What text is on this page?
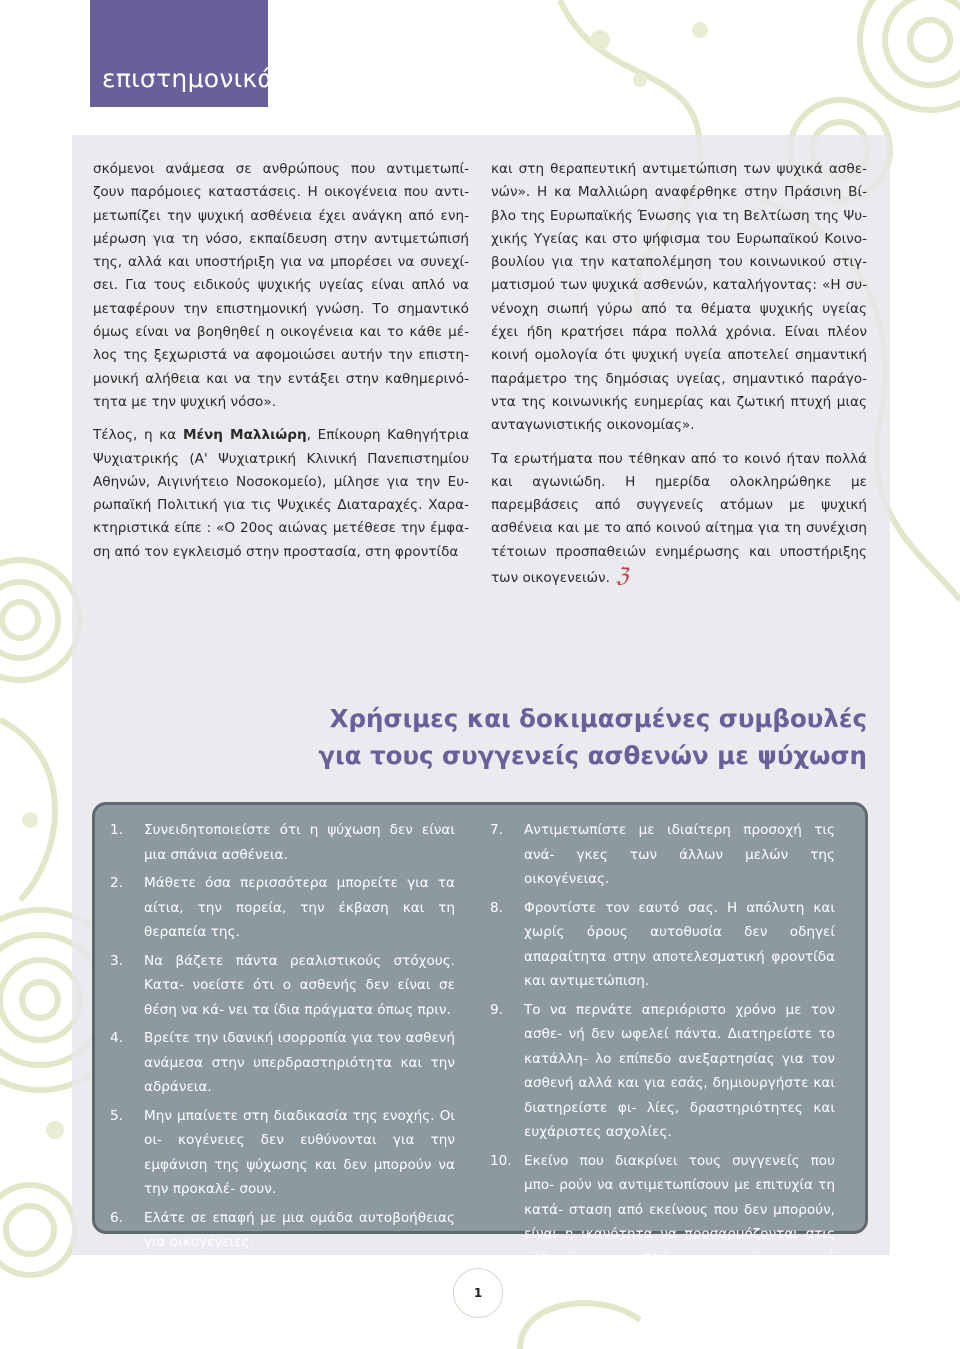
επιστημονικά

σκόμενοι ανάμεσα σε ανθρώπους που αντιμετωπί- ζουν παρόμοιες καταστάσεις. Η οικογένεια που αντι- μετωπίζει την ψυχική ασθένεια έχει ανάγκη από ενη- μέρωση για τη νόσο, εκπαίδευση στην αντιμετώπισή της, αλλά και υποστήριξη για να μπορέσει να συνεχί- σει. Για τους ειδικούς ψυχικής υγείας είναι απλό να μεταφέρουν την επιστημονική γνώση. Το σημαντικό όμως είναι να βοηθηθεί η οικογένεια και το κάθε μέ- λος της ξεχωριστά να αφομοιώσει αυτήν την επιστη- μονική αλήθεια και να την εντάξει στην καθημερινό- τητα με την ψυχική νόσο».

Τέλος, η κα Μένη Μαλλιώρη, Επίκουρη Καθηγήτρια Ψυχιατρικής (Α' Ψυχιατρική Κλινική Πανεπιστημίου Αθηνών, Αιγινήτειο Νοσοκομείο), μίλησε για την Ευ- ρωπαϊκή Πολιτική για τις Ψυχικές Διαταραχές. Χαρα- κτηριστικά είπε : «Ο 20ος αιώνας μετέθεσε την έμφα- ση από τον εγκλεισμό στην προστασία, στη φροντίδα

και στη θεραπευτική αντιμετώπιση των ψυχικά ασθε- νών». Η κα Μαλλιώρη αναφέρθηκε στην Πράσινη Βί- βλο της Ευρωπαϊκής Ένωσης για τη Βελτίωση της Ψυ- χικής Υγείας και στο ψήφισμα του Ευρωπαϊκού Κοινο- βουλίου για την καταπολέμηση του κοινωνικού στιγ- ματισμού των ψυχικά ασθενών, καταλήγοντας: «Η συ- νένοχη σιωπή γύρω από τα θέματα ψυχικής υγείας έχει ήδη κρατήσει πάρα πολλά χρόνια. Είναι πλέον κοινή ομολογία ότι ψυχική υγεία αποτελεί σημαντική παράμετρο της δημόσιας υγείας, σημαντικό παράγο- ντα της κοινωνικής ευημερίας και ζωτική πτυχή μιας ανταγωνιστικής οικονομίας».

Τα ερωτήματα που τέθηκαν από το κοινό ήταν πολλά και αγωνιώδη. Η ημερίδα ολοκληρώθηκε με παρεμβάσεις από συγγενείς ατόμων με ψυχική ασθένεια και με το από κοινού αίτημα για τη συνέχιση τέτοιων προσπαθειών ενημέρωσης και υποστήριξης των οικογενειών. ℨ

Χρήσιμες και δοκιμασμένες συμβουλές
για τους συγγενείς ασθενών με ψύχωση
1.	Συνειδητοποιείστε ότι η ψύχωση δεν είναι μια σπάνια ασθένεια.
2.	Μάθετε όσα περισσότερα μπορείτε για τα αίτια, την πορεία, την έκβαση και τη θεραπεία της.
3.	Να βάζετε πάντα ρεαλιστικούς στόχους. Κατα- νοείστε ότι ο ασθενής δεν είναι σε θέση να κά- νει τα ίδια πράγματα όπως πριν.
4.	Βρείτε την ιδανική ισορροπία για τον ασθενή ανάμεσα στην υπερδραστηριότητα και την αδράνεια.
5.	Μην μπαίνετε στη διαδικασία της ενοχής. Οι οι- κογένειες δεν ευθύνονται για την εμφάνιση της ψύχωσης και δεν μπορούν να την προκαλέ- σουν.
6.	Ελάτε σε επαφή με μια ομάδα αυτοβοήθειας για οικογένειες.
7.	Αντιμετωπίστε με ιδιαίτερη προσοχή τις ανά- γκες των άλλων μελών της οικογένειας.
8.	Φροντίστε τον εαυτό σας. Η απόλυτη και χωρίς όρους αυτοθυσία δεν οδηγεί απαραίτητα στην αποτελεσματική φροντίδα και αντιμετώπιση.
9.	Το να περνάτε απεριόριστο χρόνο με τον ασθε- νή δεν ωφελεί πάντα. Διατηρείστε το κατάλλη- λο επίπεδο ανεξαρτησίας για τον ασθενή αλλά και για εσάς, δημιουργήστε και διατηρείστε φι- λίες, δραστηριότητες και ευχάριστες ασχολίες.
10. Εκείνο που διακρίνει τους συγγενείς που μπο- ρούν να αντιμετωπίσουν με επιτυχία τη κατά- σταση από εκείνους που δεν μπορούν, είναι η ικανότητα να προσαρμόζονται στις αλλαγές και να βλέπουν τα πράγματα από διαφορετικές οπτικές γωνίες.
1
